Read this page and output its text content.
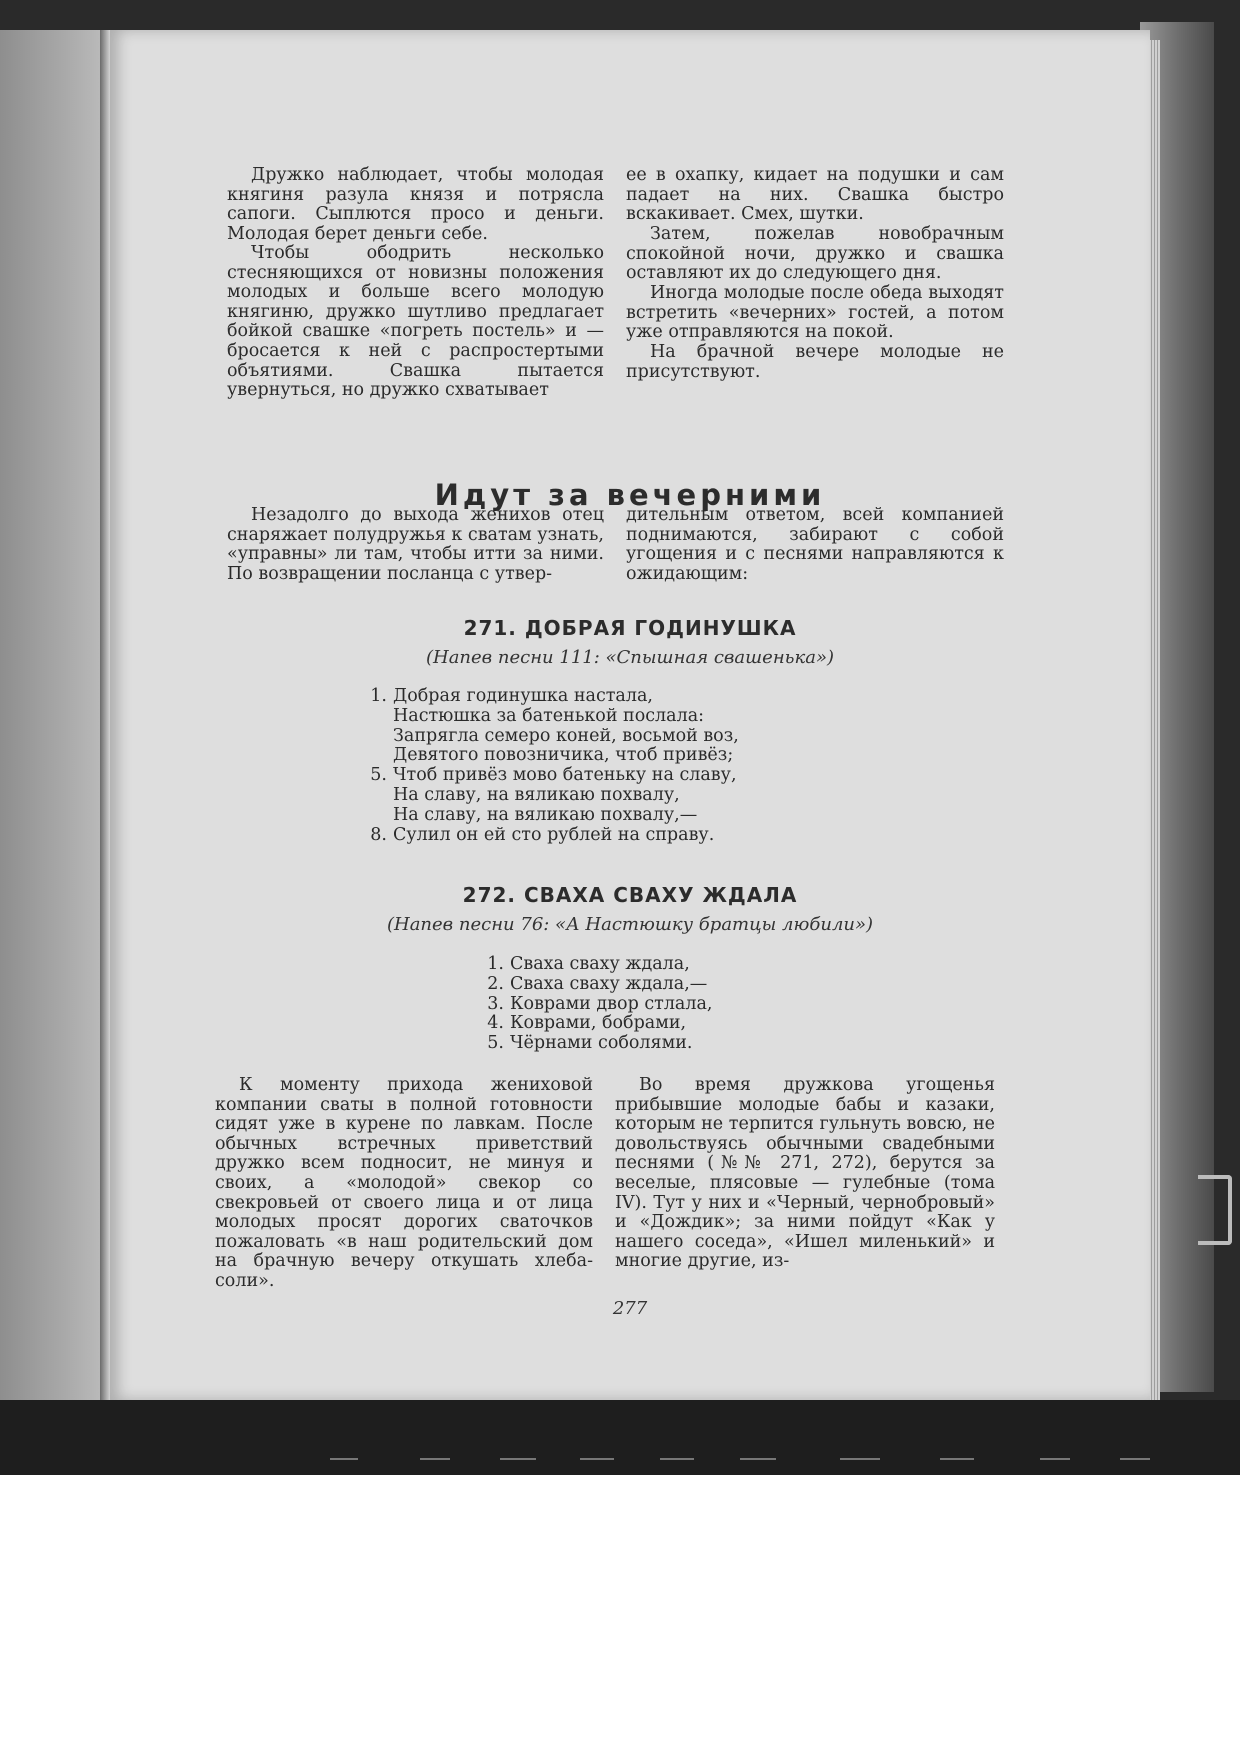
Дружко наблюдает, чтобы молодая княгиня разула князя и потрясла сапоги. Сыплются просо и деньги. Молодая берет деньги себе.
Чтобы ободрить несколько стесняющихся от новизны положения молодых и больше всего молодую княгиню, дружко шутливо предлагает бойкой свашке «погреть постель» и — бросается к ней с распростертыми объятиями. Свашка пытается увернуться, но дружко схватывает
ее в охапку, кидает на подушки и сам падает на них. Свашка быстро вскакивает. Смех, шутки.
Затем, пожелав новобрачным спокойной ночи, дружко и свашка оставляют их до следующего дня.
Иногда молодые после обеда выходят встретить «вечерних» гостей, а потом уже отправляются на покой.
На брачной вечере молодые не присутствуют.
Идут за вечерними
Незадолго до выхода женихов отец снаряжает полудружья к сватам узнать, «управны» ли там, чтобы итти за ними. По возвращении посланца с утвер-
дительным ответом, всей компанией поднимаются, забирают с собой угощения и с песнями направляются к ожидающим:
271. ДОБРАЯ ГОДИНУШКА
(Напев песни 111: «Спышная свашенька»)
1. Добрая годинушка настала,
Настюшка за батенькой послала:
Запрягла семеро коней, восьмой воз,
Девятого повозничика, чтоб привёз;
5. Чтоб привёз мово батеньку на славу,
На славу, на вяликаю похвалу,
На славу, на вяликаю похвалу,—
8. Сулил он ей сто рублей на справу.
272. СВАХА СВАХУ ЖДАЛА
(Напев песни 76: «А Настюшку братцы любили»)
1. Сваха сваху ждала,
2. Сваха сваху ждала,—
3. Коврами двор стлала,
4. Коврами, бобрами,
5. Чёрнами соболями.
К моменту прихода жениховой компании сваты в полной готовности сидят уже в курене по лавкам. После обычных встречных приветствий дружко всем подносит, не минуя и своих, а «молодой» свекор со свекровьей от своего лица и от лица молодых просят дорогих сваточков пожаловать «в наш родительский дом на брачную вечеру откушать хлеба-соли».
Во время дружкова угощенья прибывшие молодые бабы и казаки, которым не терпится гульнуть вовсю, не довольствуясь обычными свадебными песнями (№№ 271, 272), берутся за веселые, плясовые — гулебные (тома IV). Тут у них и «Черный, чернобровый» и «Дождик»; за ними пойдут «Как у нашего соседа», «Ишел миленький» и многие другие, из-
277
